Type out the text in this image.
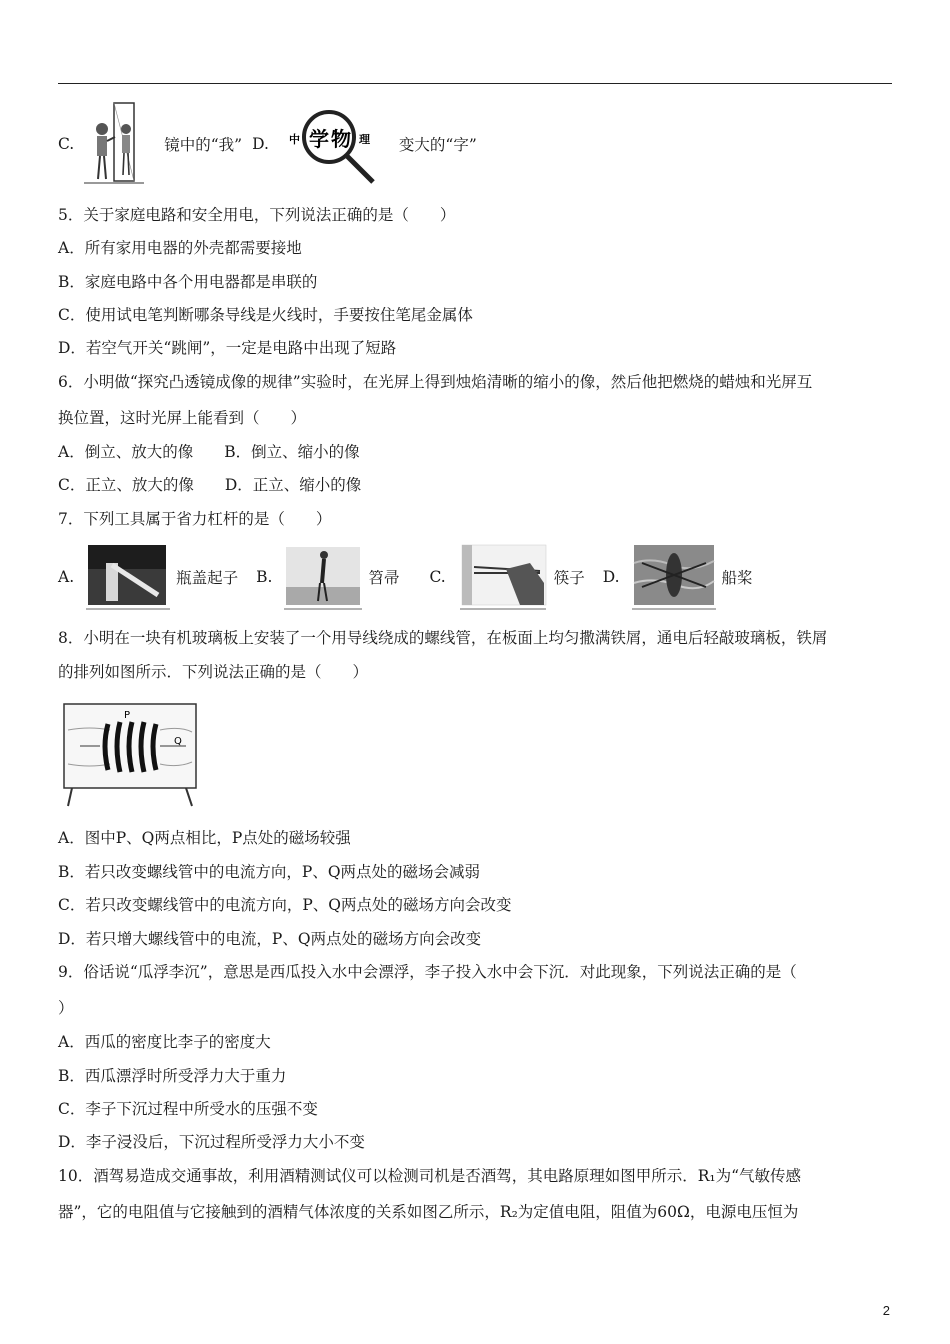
C.	镜中的“我” D. 中 学 物 理 变大的“字”
5．关于家庭电路和安全用电，下列说法正确的是（　　）
A．所有家用电器的外壳都需要接地
B．家庭电路中各个用电器都是串联的
C．使用试电笔判断哪条导线是火线时，手要按住笔尾金属体
D．若空气开关“跳闸”，一定是电路中出现了短路
6．小明做“探究凸透镜成像的规律”实验时，在光屏上得到烛焰清晰的缩小的像，然后他把燃烧的蜡烛和光屏互
换位置，这时光屏上能看到（　　）
A．倒立、放大的像　　B．倒立、缩小的像
C．正立、放大的像　　D．正立、缩小的像
7．下列工具属于省力杠杆的是（　　）
A.	瓶盖起子 B.	笤帚 C.	筷子 D.	船桨
8．小明在一块有机玻璃板上安装了一个用导线绕成的螺线管，在板面上均匀撒满铁屑，通电后轻敲玻璃板，铁屑
的排列如图所示．下列说法正确的是（　　）
P
Q
A．图中P、Q两点相比，P点处的磁场较强
B．若只改变螺线管中的电流方向，P、Q两点处的磁场会减弱
C．若只改变螺线管中的电流方向，P、Q两点处的磁场方向会改变
D．若只增大螺线管中的电流，P、Q两点处的磁场方向会改变
9．俗话说“瓜浮李沉”，意思是西瓜投入水中会漂浮，李子投入水中会下沉．对此现象，下列说法正确的是（
）
A．西瓜的密度比李子的密度大
B．西瓜漂浮时所受浮力大于重力
C．李子下沉过程中所受水的压强不变
D．李子浸没后，下沉过程所受浮力大小不变
10．酒驾易造成交通事故，利用酒精测试仪可以检测司机是否酒驾，其电路原理如图甲所示．R₁为“气敏传感
器”，它的电阻值与它接触到的酒精气体浓度的关系如图乙所示，R₂为定值电阻，阻值为60Ω，电源电压恒为
2
